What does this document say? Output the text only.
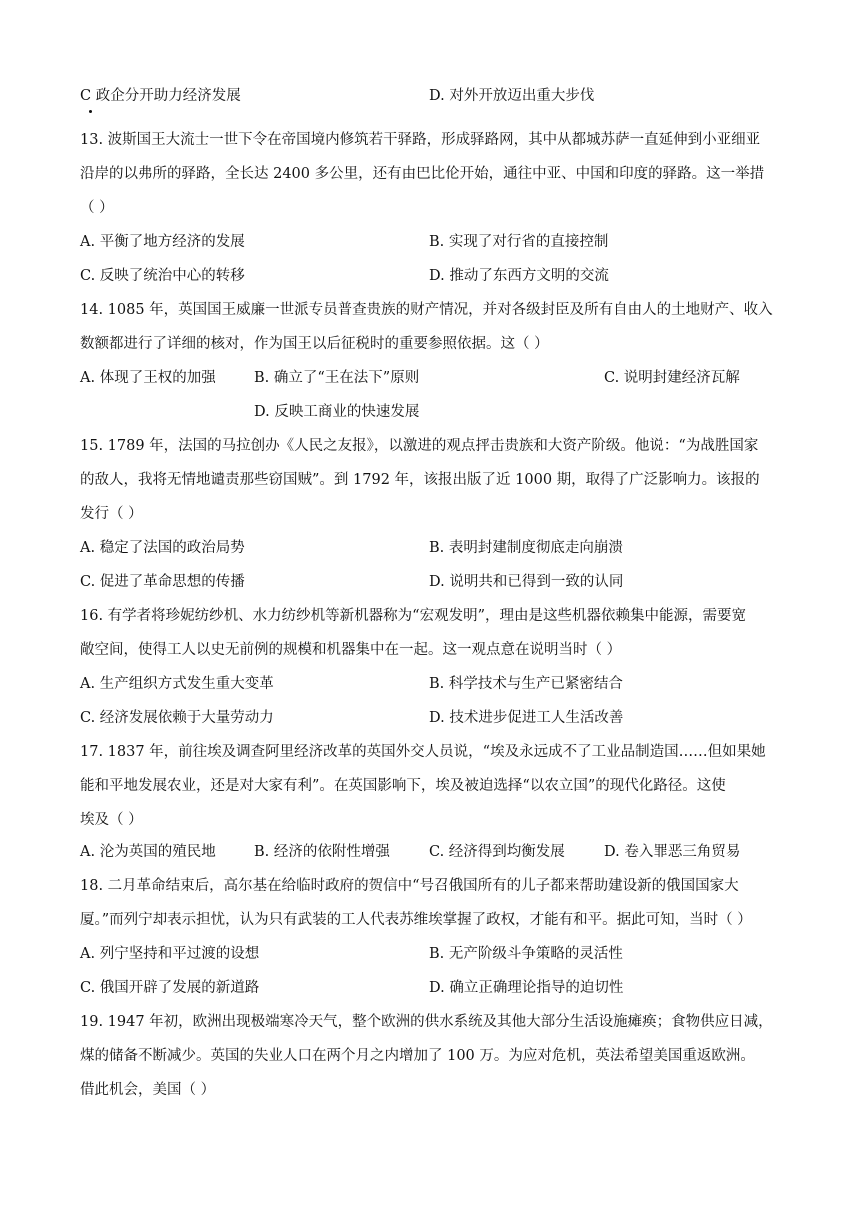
C 政企分开助力经济发展	D. 对外开放迈出重大步伐
13. 波斯国王大流士一世下令在帝国境内修筑若干驿路，形成驿路网，其中从都城苏萨一直延伸到小亚细亚
沿岸的以弗所的驿路，全长达 2400 多公里，还有由巴比伦开始，通往中亚、中国和印度的驿路。这一举措
（ ）
A. 平衡了地方经济的发展	B. 实现了对行省的直接控制
C. 反映了统治中心的转移	D. 推动了东西方文明的交流
14. 1085 年，英国国王威廉一世派专员普查贵族的财产情况，并对各级封臣及所有自由人的土地财产、收入
数额都进行了详细的核对，作为国王以后征税时的重要参照依据。这（ ）
A. 体现了王权的加强	B. 确立了“王在法下”原则	C. 说明封建经济瓦解
D. 反映工商业的快速发展
15. 1789 年，法国的马拉创办《人民之友报》，以激进的观点抨击贵族和大资产阶级。他说：“为战胜国家
的敌人，我将无情地谴责那些窃国贼”。到 1792 年，该报出版了近 1000 期，取得了广泛影响力。该报的
发行（ ）
A. 稳定了法国的政治局势	B. 表明封建制度彻底走向崩溃
C. 促进了革命思想的传播	D. 说明共和已得到一致的认同
16. 有学者将珍妮纺纱机、水力纺纱机等新机器称为“宏观发明”，理由是这些机器依赖集中能源，需要宽
敞空间，使得工人以史无前例的规模和机器集中在一起。这一观点意在说明当时（ ）
A. 生产组织方式发生重大变革	B. 科学技术与生产已紧密结合
C. 经济发展依赖于大量劳动力	D. 技术进步促进工人生活改善
17. 1837 年，前往埃及调查阿里经济改革的英国外交人员说，“埃及永远成不了工业品制造国……但如果她
能和平地发展农业，还是对大家有利”。在英国影响下，埃及被迫选择“以农立国”的现代化路径。这使
埃及（ ）
A. 沦为英国的殖民地	B. 经济的依附性增强	C. 经济得到均衡发展	D. 卷入罪恶三角贸易
18. 二月革命结束后，高尔基在给临时政府的贺信中“号召俄国所有的儿子都来帮助建设新的俄国国家大
厦。”而列宁却表示担忧，认为只有武装的工人代表苏维埃掌握了政权，才能有和平。据此可知，当时（ ）
A. 列宁坚持和平过渡的设想	B. 无产阶级斗争策略的灵活性
C. 俄国开辟了发展的新道路	D. 确立正确理论指导的迫切性
19. 1947 年初，欧洲出现极端寒冷天气，整个欧洲的供水系统及其他大部分生活设施瘫痪；食物供应日减，
煤的储备不断减少。英国的失业人口在两个月之内增加了 100 万。为应对危机，英法希望美国重返欧洲。
借此机会，美国（ ）
